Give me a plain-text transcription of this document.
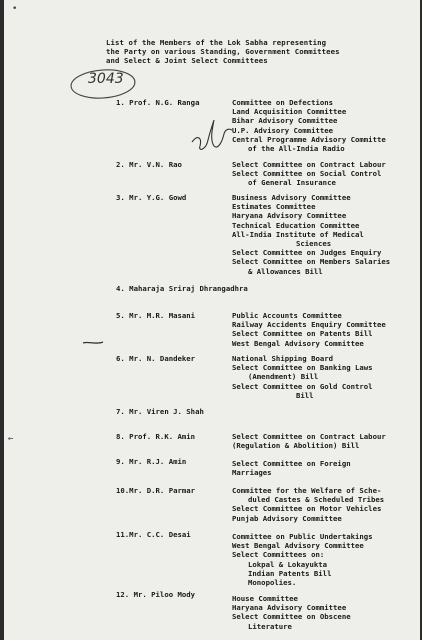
•
←
List of the Members of the Lok Sabha representing
the Party on various Standing, Government Committees
and Select & Joint Select Committees
3043
1. Prof. N.G. Ranga	Committee on Defections
Land Acquisition Committee
Bihar Advisory Committee
U.P. Advisory Committee
Central Programme Advisory Committe
of the All-India Radio
2. Mr. V.N. Rao	Select Committee on Contract Labour
Select Committee on Social Control
of General Insurance
3. Mr. Y.G. Gowd	Business Advisory Committee
Estimates Committee
Haryana Advisory Committee
Technical Education Committee
All-India Institute of Medical
Sciences
Select Committee on Judges Enquiry
Select Committee on Members Salaries
& Allowances Bill
4. Maharaja Sriraj Dhrangadhra
5. Mr. M.R. Masani	Public Accounts Committee
Railway Accidents Enquiry Committee
Select Committee on Patents Bill
West Bengal Advisory Committee
6. Mr. N. Dandeker	National Shipping Board
Select Committee on Banking Laws
(Amendment) Bill
Select Committee on Gold Control
Bill
7. Mr. Viren J. Shah
8. Prof. R.K. Amin	Select Committee on Contract Labour
(Regulation & Abolition) Bill
9. Mr. R.J. Amin	Select Committee on Foreign
Marriages
10.Mr. D.R. Parmar	Committee for the Welfare of Sche-
duled Castes & Scheduled Tribes
Select Committee on Motor Vehicles
Punjab Advisory Committee
11.Mr. C.C. Desai	Committee on Public Undertakings
West Bengal Advisory Committee
Select Committees on:
Lokpal & Lokayukta
Indian Patents Bill
Monopolies.
12. Mr. Piloo Mody	House Committee
Haryana Advisory Committee
Select Committee on Obscene
Literature
